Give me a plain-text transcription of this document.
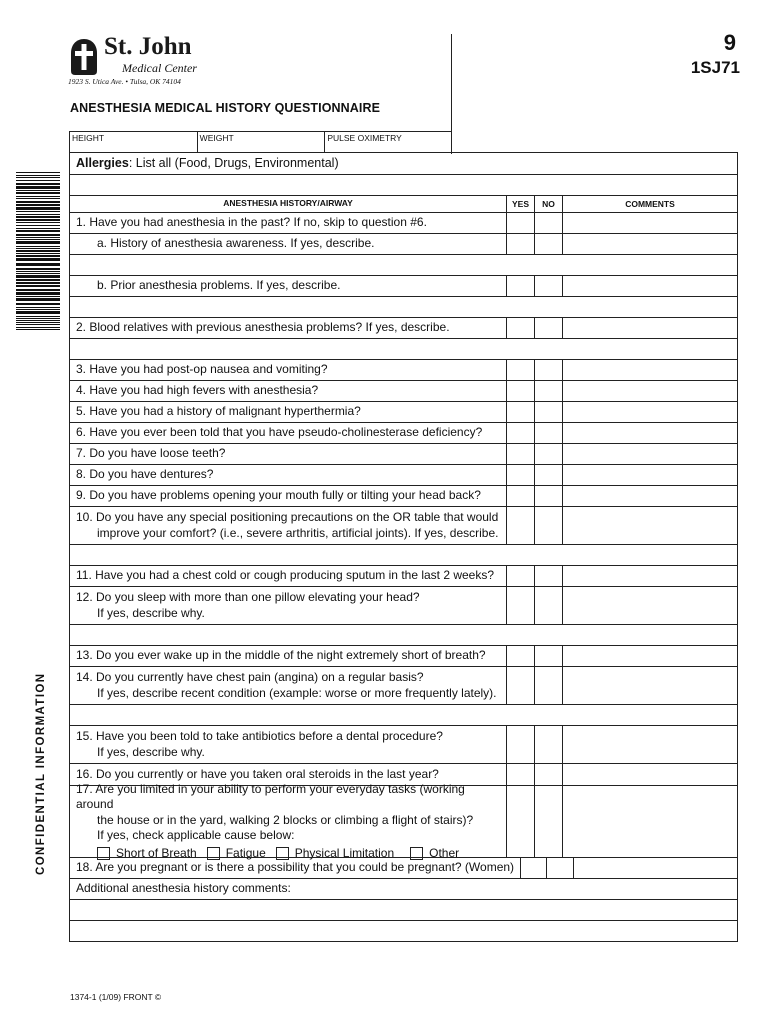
9
1SJ71
St. John
Medical Center
1923 S. Utica Ave. • Tulsa, OK 74104
ANESTHESIA MEDICAL HISTORY QUESTIONNAIRE
HEIGHT	WEIGHT	PULSE OXIMETRY
CONFIDENTIAL INFORMATION
Allergies: List all (Food, Drugs, Environmental)
ANESTHESIA HISTORY/AIRWAY	YES	NO	COMMENTS
1. Have you had anesthesia in the past? If no, skip to question #6.
a. History of anesthesia awareness. If yes, describe.
b. Prior anesthesia problems. If yes, describe.
2. Blood relatives with previous anesthesia problems? If yes, describe.
3. Have you had post-op nausea and vomiting?
4. Have you had high fevers with anesthesia?
5. Have you had a history of malignant hyperthermia?
6. Have you ever been told that you have pseudo-cholinesterase deficiency?
7. Do you have loose teeth?
8. Do you have dentures?
9. Do you have problems opening your mouth fully or tilting your head back?
10. Do you have any special positioning precautions on the OR table that would
improve your comfort? (i.e., severe arthritis, artificial joints). If yes, describe.
11. Have you had a chest cold or cough producing sputum in the last 2 weeks?
12. Do you sleep with more than one pillow elevating your head?
If yes, describe why.
13. Do you ever wake up in the middle of the night extremely short of breath?
14. Do you currently have chest pain (angina) on a regular basis?
If yes, describe recent condition (example: worse or more frequently lately).
15. Have you been told to take antibiotics before a dental procedure?
If yes, describe why.
16. Do you currently or have you taken oral steroids in the last year?
17. Are you limited in your ability to perform your everyday tasks (working around
the house or in the yard, walking 2 blocks or climbing a flight of stairs)?
If yes, check applicable cause below:
Short of Breath Fatigue Physical Limitation	Other
18. Are you pregnant or is there a possibility that you could be pregnant? (Women)
Additional anesthesia history comments:
1374-1 (1/09) FRONT ©
